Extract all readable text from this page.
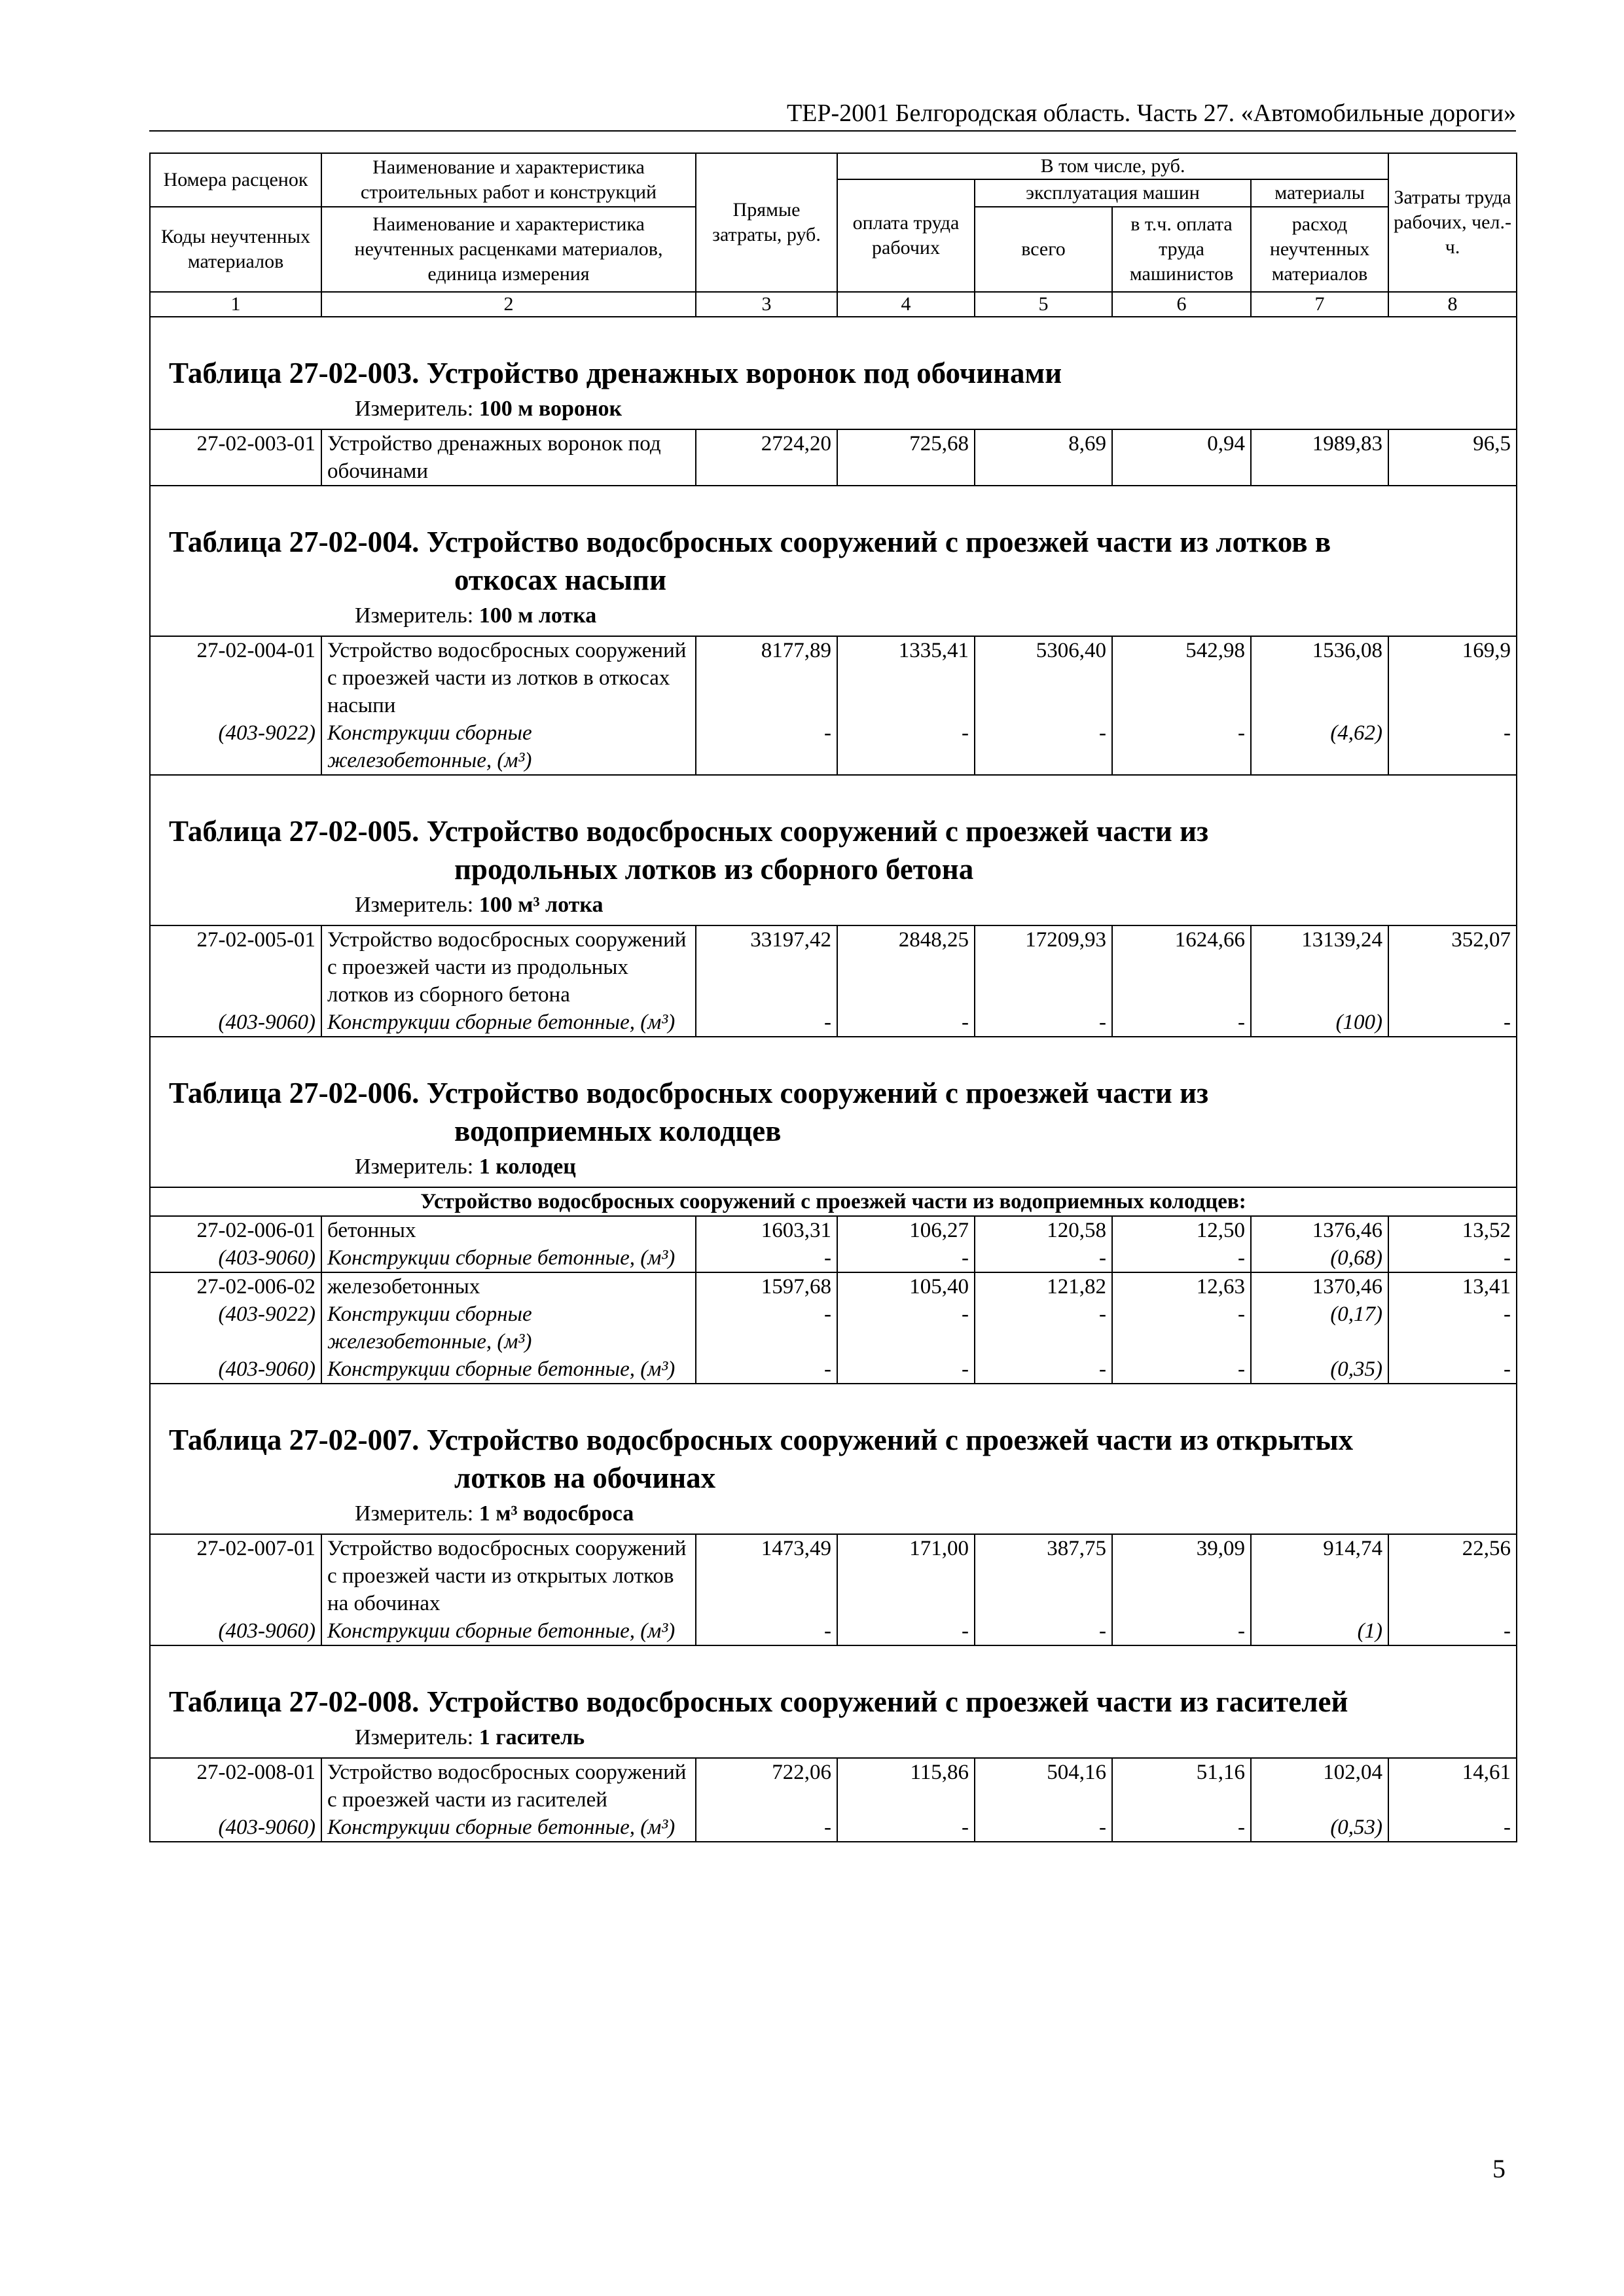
ТЕР-2001 Белгородская область. Часть 27. «Автомобильные дороги»
Номера расценок	Наименование и характеристика строительных работ и конструкций	Прямые затраты, руб.	В том числе, руб.				Затраты труда рабочих, чел.-ч.
			оплата труда рабочих	эксплуатация машин		материалы	
Коды неучтенных материалов	Наименование и характеристика неучтенных расценками материалов, единица измерения			всего	в т.ч. оплата труда машинистов	расход неучтенных материалов	

1	2	3	4	5	6	7	8

Таблица 27-02-003. Устройство дренажных воронок под обочинами
Измеритель: 100 м воронок							

27-02-003-01	Устройство дренажных воронок под обочинами	2724,20	725,68	8,69	0,94	1989,83	96,5

Таблица 27-02-004. Устройство водосбросных сооружений с проезжей части из лотков в
откосах насыпи
Измеритель: 100 м лотка							

27-02-004-01	Устройство водосбросных сооружений с проезжей части из лотков в откосах насыпи	8177,89	1335,41	5306,40	542,98	1536,08	169,9
(403-9022)	Конструкции сборные железобетонные, (м³)	-	-	-	-	(4,62)	-

Таблица 27-02-005. Устройство водосбросных сооружений с проезжей части из
продольных лотков из сборного бетона
Измеритель: 100 м³ лотка							

27-02-005-01	Устройство водосбросных сооружений с проезжей части из продольных лотков из сборного бетона	33197,42	2848,25	17209,93	1624,66	13139,24	352,07
(403-9060)	Конструкции сборные бетонные, (м³)	-	-	-	-	(100)	-

Таблица 27-02-006. Устройство водосбросных сооружений с проезжей части из
водоприемных колодцев
Измеритель: 1 колодец							

Устройство водосбросных сооружений с проезжей части из водоприемных колодцев:							
27-02-006-01	бетонных	1603,31	106,27	120,58	12,50	1376,46	13,52
(403-9060)	Конструкции сборные бетонные, (м³)	-	-	-	-	(0,68)	-
27-02-006-02	железобетонных	1597,68	105,40	121,82	12,63	1370,46	13,41
(403-9022)	Конструкции сборные железобетонные, (м³)	-	-	-	-	(0,17)	-
(403-9060)	Конструкции сборные бетонные, (м³)	-	-	-	-	(0,35)	-

Таблица 27-02-007. Устройство водосбросных сооружений с проезжей части из открытых
лотков на обочинах
Измеритель: 1 м³ водосброса							

27-02-007-01	Устройство водосбросных сооружений с проезжей части из открытых лотков на обочинах	1473,49	171,00	387,75	39,09	914,74	22,56
(403-9060)	Конструкции сборные бетонные, (м³)	-	-	-	-	(1)	-

Таблица 27-02-008. Устройство водосбросных сооружений с проезжей части из гасителей
Измеритель: 1 гаситель							

27-02-008-01	Устройство водосбросных сооружений с проезжей части из гасителей	722,06	115,86	504,16	51,16	102,04	14,61
(403-9060)	Конструкции сборные бетонные, (м³)	-	-	-	-	(0,53)	-
5
